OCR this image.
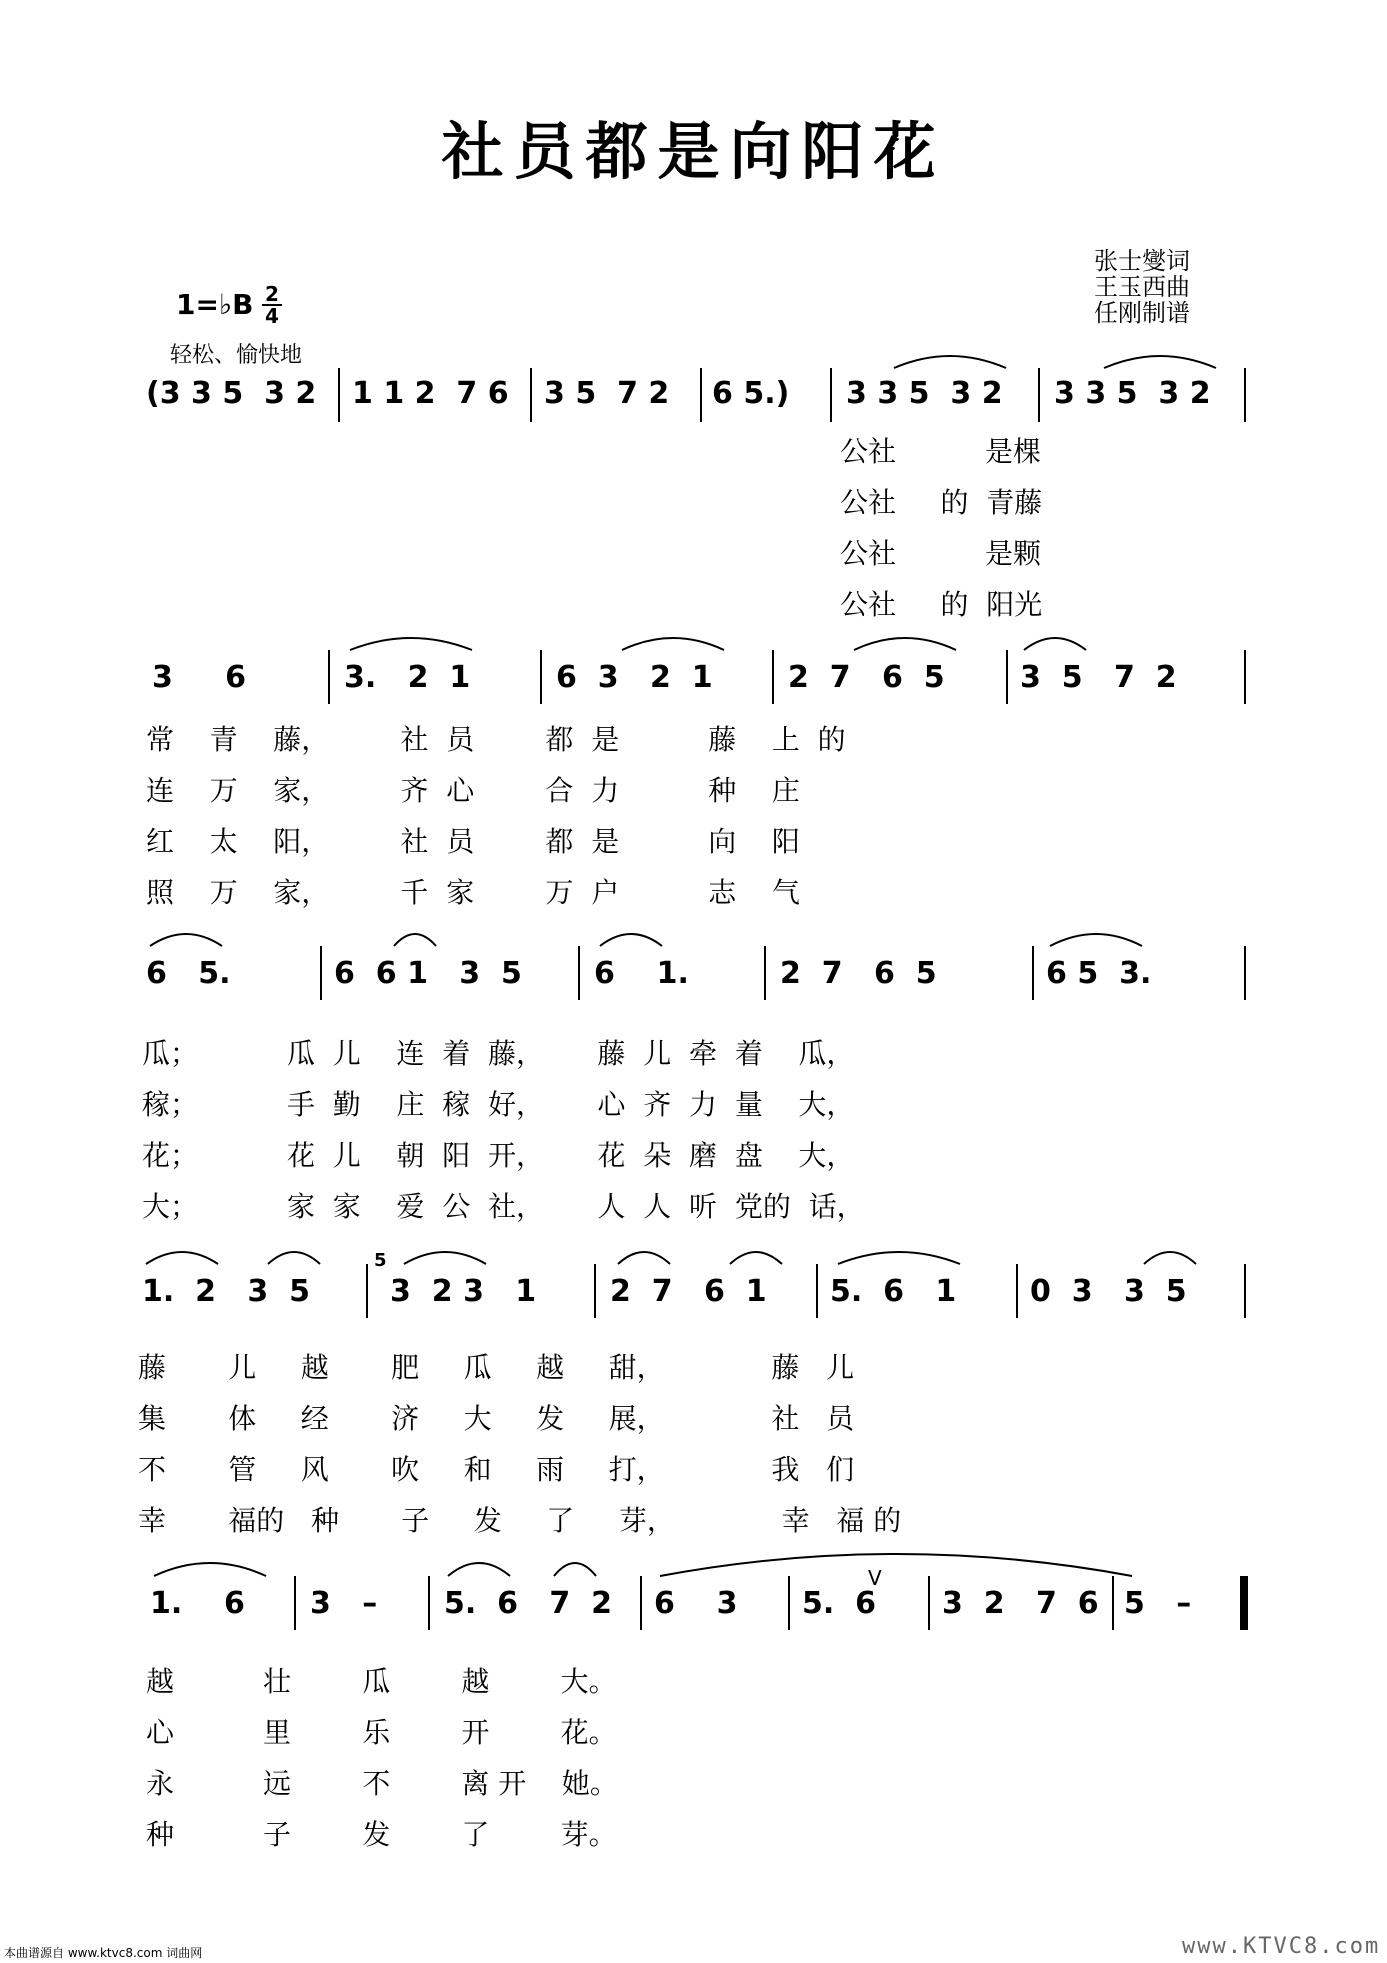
社员都是向阳花
张士燮词
王玉西曲
任刚制谱
1=♭B $\frac{2}{4}$
轻松、愉快地
(3 3 5  3 2 1 1 2  7 6 3 5  7 2 6 5.) 3 3 5  3 2 3 3 5  3 2
公社          是棵
公社     的  青藤
公社          是颗
公社     的  阳光
3     6	3.   2  1	6  3   2  1	2  7   6  5	3  5   7  2
常    青    藤，        社  员        都  是          藤    上  的
连    万    家，        齐  心        合  力          种    庄
红    太    阳，        社  员        都  是          向    阳
照    万    家，        千  家        万  户          志    气
6   5.	6  6 1   3  5 6    1.	2  7   6  5	6 5  3.
瓜；          瓜  儿    连  着  藤，      藤  儿  牵  着    瓜，
稼；          手  勤    庄  稼  好，      心  齐  力  量    大，
花；          花  儿    朝  阳  开，      花  朵  磨  盘    大，
大；          家  家    爱  公  社，      人  人  听  党的  话，
1.  2   3  5
5
3  2 3   1 2  7   6  1 5.  6   1 0  3   3  5
藤       儿     越       肥     瓜     越     甜，            藤   儿
集       体     经       济     大     发     展，            社   员
不       管     风       吹     和     雨     打，            我   们
幸       福的   种       子     发     了     芽，            幸   福 的
1.    6 3   – 5.  6   7  2 6    3 5.  6
V
3  2   7  6 5   –
越          壮        瓜        越        大。
心          里        乐        开        花。
永          远        不        离 开    她。
种          子        发        了        芽。
本曲谱源自 www.ktvc8.com 词曲网	www.KTVC8.com
